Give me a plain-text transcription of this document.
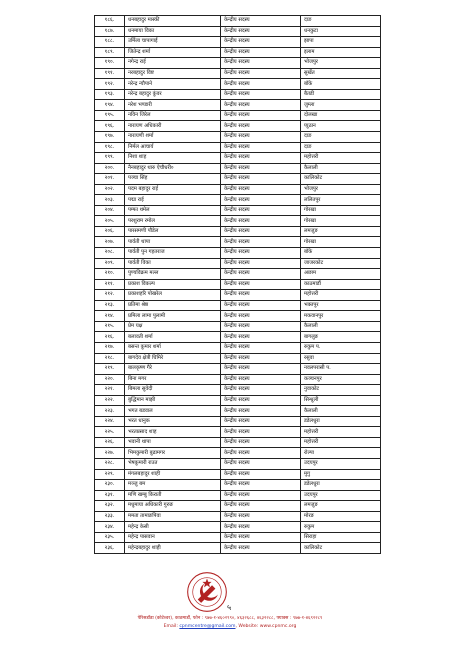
१८६.	धनबहादुर मास्की	केन्द्रीय सदस्य	दाङ
१८७.	धनमाया विका	केन्द्रीय सदस्य	धनकुटा
१८८.	उर्मिला चापागाईं	केन्द्रीय सदस्य	झापा
१८९.	जितेन्द्र शर्मा	केन्द्रीय सदस्य	इलाम
१९०.	नगेन्द्र राई	केन्द्रीय सदस्य	भोजपुर
१९१.	नरबहादुर विष्ट	केन्द्रीय सदस्य	सुर्खेत
१९२.	नरेन्द्र न्यौपाने	केन्द्रीय सदस्य	बाँके
१९३.	नरेन्द्र बहादुर कुंवर	केन्द्रीय सदस्य	बैतडी
१९४.	नरेश भण्डारी	केन्द्रीय सदस्य	जुम्ला
१९५.	नविन जिरेल	केन्द्रीय सदस्य	दोलखा
१९६.	नारायण अधिकारी	केन्द्रीय सदस्य	प्युठान
१९७.	नारायणी शर्मा	केन्द्रीय सदस्य	दाङ
१९८.	निर्मल आचार्य	केन्द्रीय सदस्य	दाङ
१९९.	निशा शाह	केन्द्रीय सदस्य	महोत्तरी
२००.	नैनबहादुर थारु ऐचौधरी०	केन्द्रीय सदस्य	कैलाली
२०१.	पञ्चा सिंह	केन्द्रीय सदस्य	कालिकोट
२०२.	पदम बहादुर राई	केन्द्रीय सदस्य	भोजपुर
२०३.	पद्मा राई	केन्द्रीय सदस्य	ललितपुर
२०४.	पम्फा थमेल	केन्द्रीय सदस्य	गोरखा
२०५.	परशुराम रमोल	केन्द्रीय सदस्य	गोरखा
२०६.	पारसमणी पौडेल	केन्द्रीय सदस्य	लमजुङ
२०७.	पार्वती थापा	केन्द्रीय सदस्य	गोरखा
२०८.	पार्वती पुन गहतराज	केन्द्रीय सदस्य	बाँके
२०९.	पार्वती विका	केन्द्रीय सदस्य	जाजरकोट
२१०.	पुण्यविक्रम मल्ल	केन्द्रीय सदस्य	अछाम
२११.	प्रकाश विकल्प	केन्द्रीय सदस्य	काठमाडौं
२१२.	प्रकाशहरि पोखरेल	केन्द्रीय सदस्य	महोत्तरी
२१३.	प्रतिमा श्रेष्ठ	केन्द्रीय सदस्य	भक्तपुर
२१४.	प्रमिला लामा पुलामी	केन्द्रीय सदस्य	मकवानपुर
२१५.	प्रेम यक्ष	केन्द्रीय सदस्य	कैलाली
२१६.	बलावती शर्मा	केन्द्रीय सदस्य	बागलुङ
२१७.	बसन्त कुमार शर्मा	केन्द्रीय सदस्य	रुकुम प.
२१८.	बागदेव क्षेत्री घिमिरे	केन्द्रीय सदस्य	रसुवा
२१९.	बालकृष्ण गैरे	केन्द्रीय सदस्य	नवलपरासी प.
२२०.	बिना मगर	केन्द्रीय सदस्य	कञ्चनपुर
२२१.	बिमला सुवेदी	केन्द्रीय सदस्य	नुवाकोट
२२२.	बुद्धिमान माझी	केन्द्रीय सदस्य	सिन्धुली
२२३.	भगत बडवाल	केन्द्रीय सदस्य	कैलाली
२२४.	भरत धानुक	केन्द्रीय सदस्य	डडेलधुरा
२२५.	भरतप्रसाद शाह	केन्द्रीय सदस्य	महोत्तरी
२२६.	भवानी थापा	केन्द्रीय सदस्य	महोत्तरी
२२७.	भिमकुमारी बुढामगर	केन्द्रीय सदस्य	रोल्पा
२२८.	भेषकुमारी राउत	केन्द्रीय सदस्य	उदयपुर
२२९.	मंगलबहादुर शाही	केन्द्रीय सदस्य	मुगु
२३०.	मञ्जु बम	केन्द्रीय सदस्य	डडेलधुरा
२३१.	मणि खम्बु किराती	केन्द्रीय सदस्य	उदयपुर
२३२.	मधुमाया अधिकारी गुरुङ	केन्द्रीय सदस्य	लमजुङ
२३३.	ममता तामाङपिवा	केन्द्रीय सदस्य	मोरङ
२३४.	महेन्द्र केसी	केन्द्रीय सदस्य	रुकुम
२३५.	महेन्द्र पासवान	केन्द्रीय सदस्य	सिराहा
२३६.	महेन्द्रबहादुर शाही	केन्द्रीय सदस्य	कालिकोट
५
पेरिसडाँडा (कोटेश्वर), काठमाडौं, फोन : ९७७-१-४६०२९९०, ४६३२६८८, ४६३२२८८, फ्याक्स : ९७७-१-४६९२२८९
Email: cpnmcentre@gmail.com, Website: www.cpnmc.org
